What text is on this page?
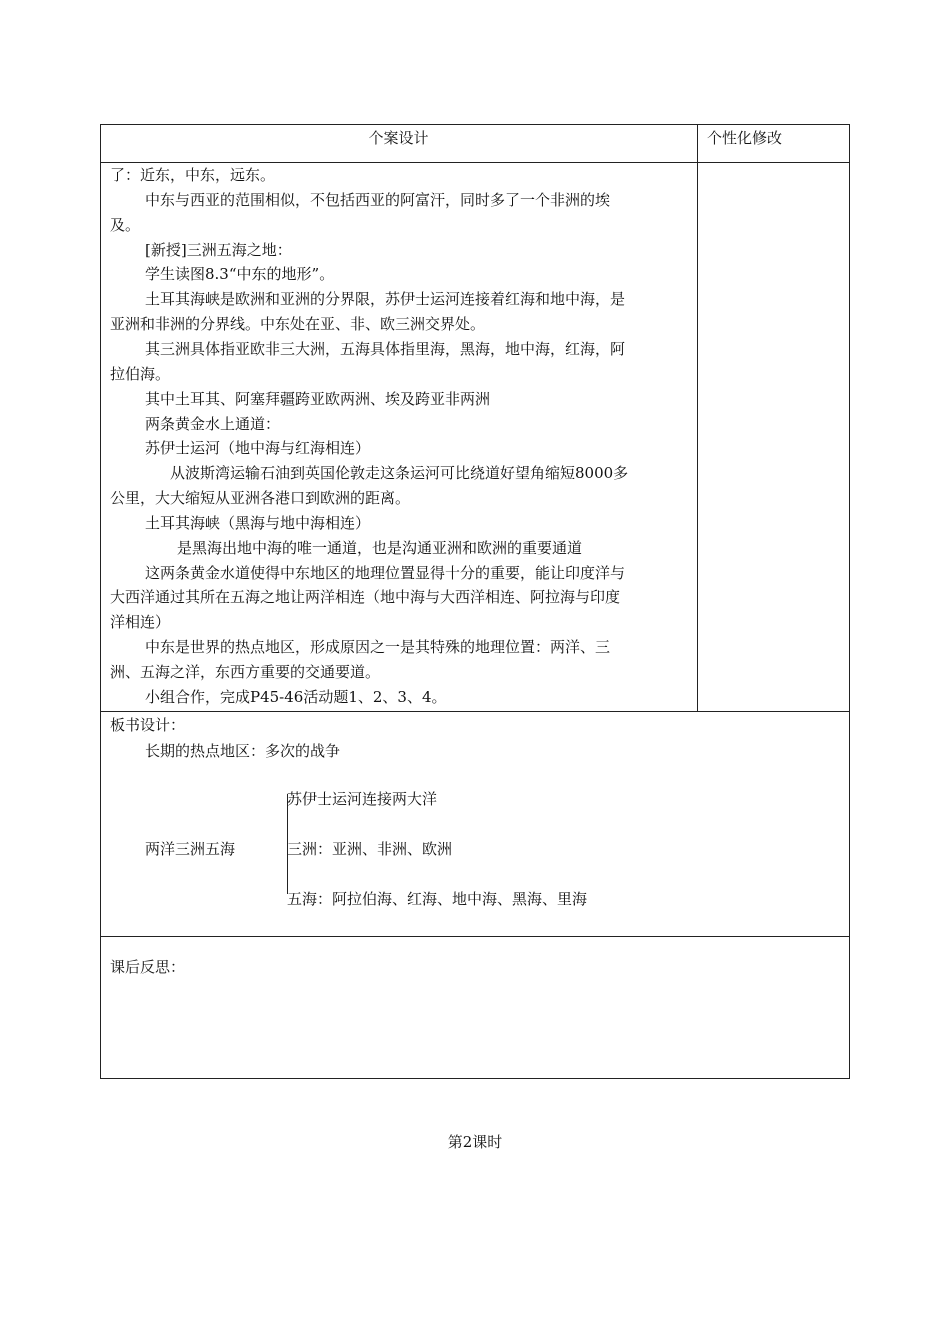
个案设计	个性化修改
了：近东，中东，远东。
中东与西亚的范围相似，不包括西亚的阿富汗，同时多了一个非洲的埃
及。
[新授]三洲五海之地：
学生读图8.3“中东的地形”。
土耳其海峡是欧洲和亚洲的分界限，苏伊士运河连接着红海和地中海，是
亚洲和非洲的分界线。中东处在亚、非、欧三洲交界处。
其三洲具体指亚欧非三大洲，五海具体指里海，黑海，地中海，红海，阿
拉伯海。
其中土耳其、阿塞拜疆跨亚欧两洲、埃及跨亚非两洲
两条黄金水上通道：
苏伊士运河（地中海与红海相连）
从波斯湾运输石油到英国伦敦走这条运河可比绕道好望角缩短8000多
公里，大大缩短从亚洲各港口到欧洲的距离。
土耳其海峡（黑海与地中海相连）
是黑海出地中海的唯一通道，也是沟通亚洲和欧洲的重要通道
这两条黄金水道使得中东地区的地理位置显得十分的重要，能让印度洋与
大西洋通过其所在五海之地让两洋相连（地中海与大西洋相连、阿拉海与印度
洋相连）
中东是世界的热点地区，形成原因之一是其特殊的地理位置：两洋、三
洲、五海之洋，东西方重要的交通要道。
小组合作，完成P45-46活动题1、2、3、4。
板书设计：
长期的热点地区：多次的战争
两洋三洲五海
苏伊士运河连接两大洋
三洲：亚洲、非洲、欧洲
五海：阿拉伯海、红海、地中海、黑海、里海
课后反思：
第2课时
